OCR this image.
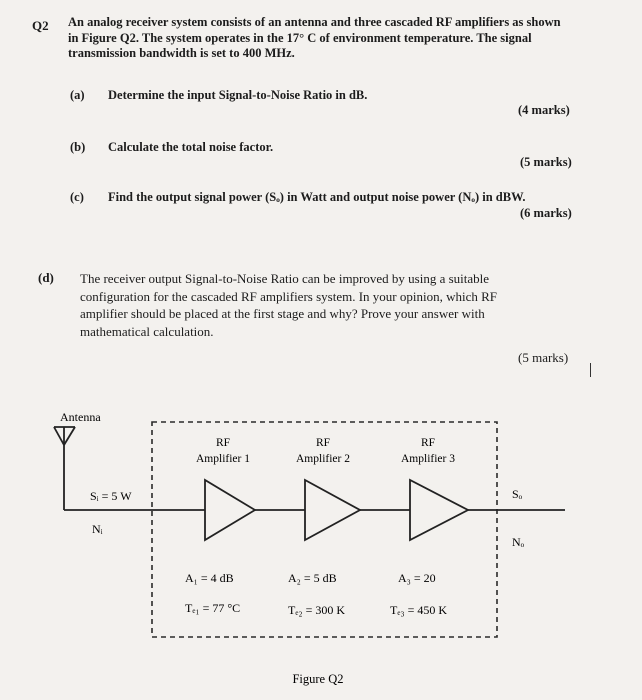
Q2 An analog receiver system consists of an antenna and three cascaded RF amplifiers as shown
in Figure Q2. The system operates in the 17° C of environment temperature. The signal
transmission bandwidth is set to 400 MHz.
(a) Determine the input Signal-to-Noise Ratio in dB.
(4 marks)
(b) Calculate the total noise factor.
(5 marks)
(c) Find the output signal power (Sₒ) in Watt and output noise power (Nₒ) in dBW.
(6 marks)
(d) The receiver output Signal-to-Noise Ratio can be improved by using a suitable
configuration for the cascaded RF amplifiers system. In your opinion, which RF
amplifier should be placed at the first stage and why? Prove your answer with
mathematical calculation.
(5 marks)
Antenna
RF
Amplifier 1
RF
Amplifier 2
RF
Amplifier 3
Sᵢ = 5 W
Nᵢ
Sₒ
Nₒ
A₁ = 4 dB
Tₑ₁ = 77 °C
A₂ = 5 dB
Tₑ₂ = 300 K
A₃ = 20
Tₑ₃ = 450 K
Figure Q2
